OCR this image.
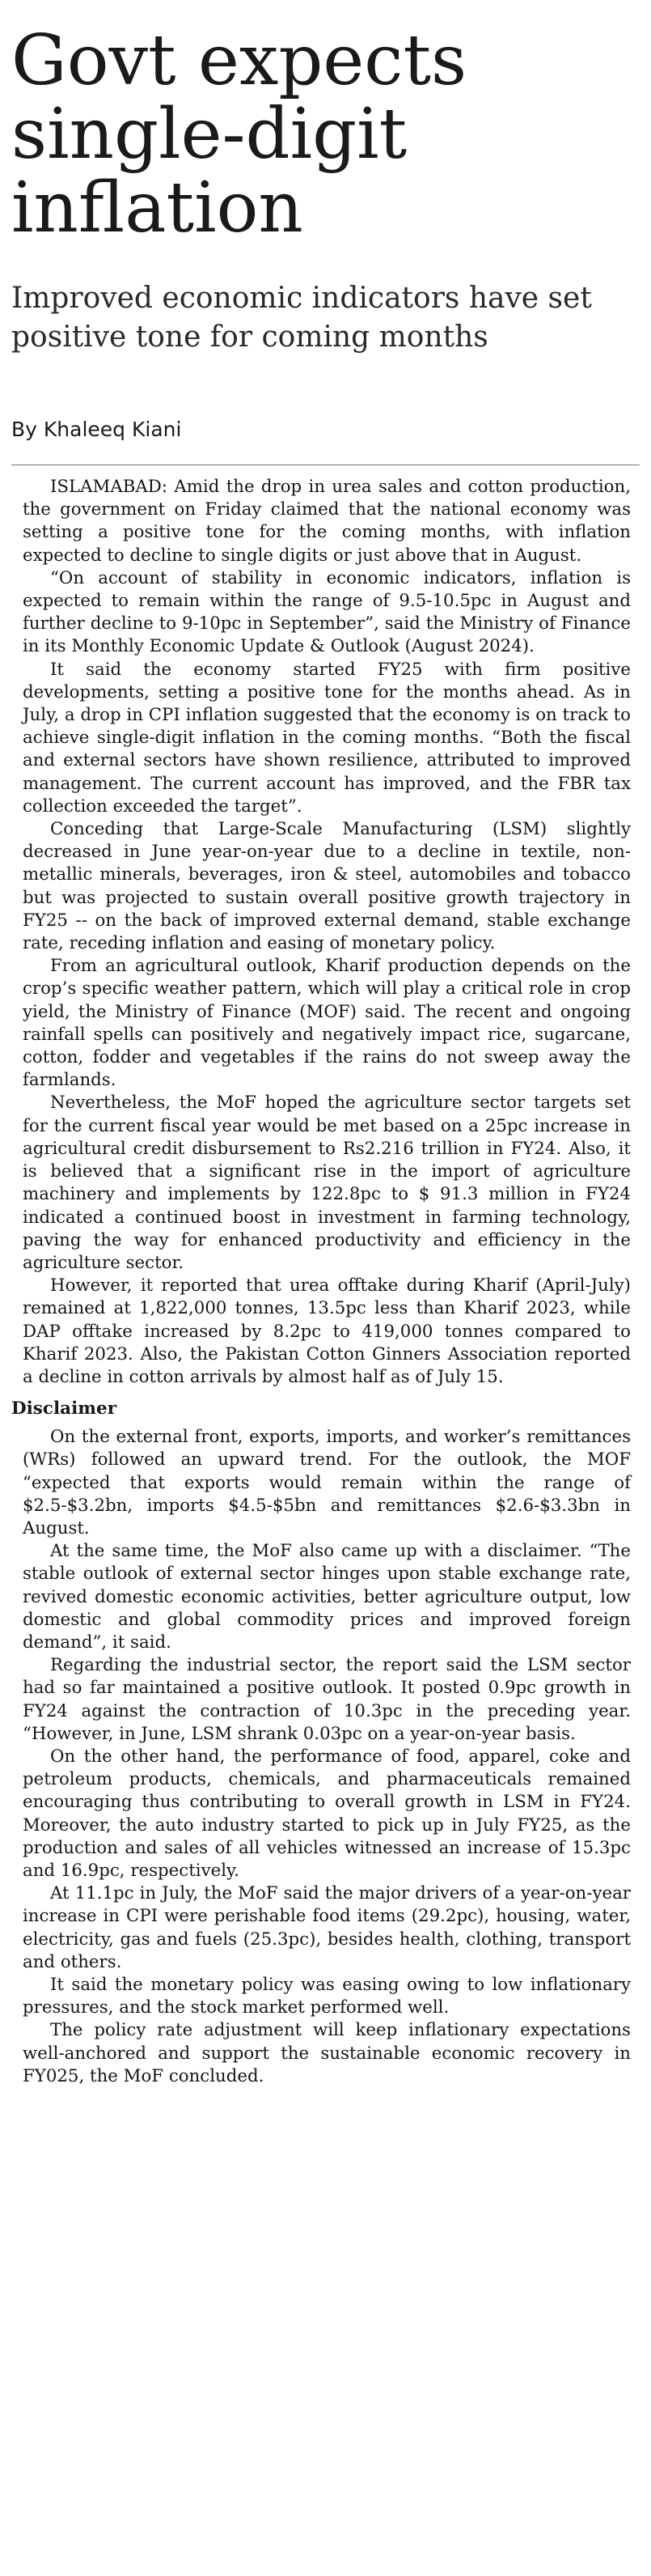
Govt expects single-digit inflation
Improved economic indicators have set positive tone for coming months

By Khaleeq Kiani

ISLAMABAD: Amid the drop in urea sales and cotton production, the government on Friday claimed that the national economy was setting a positive tone for the coming months, with inflation expected to decline to single digits or just above that in August.

“On account of stability in economic indicators, inflation is expected to remain within the range of 9.5-10.5pc in August and further decline to 9-10pc in September”, said the Ministry of Finance in its Monthly Economic Update & Outlook (August 2024).

It said the economy started FY25 with firm positive developments, setting a positive tone for the months ahead. As in July, a drop in CPI inflation suggested that the economy is on track to achieve single-digit inflation in the coming months. “Both the fiscal and external sectors have shown resilience, attributed to improved management. The current account has improved, and the FBR tax collection exceeded the target”.

Conceding that Large-Scale Manufacturing (LSM) slightly decreased in June year-on-year due to a decline in textile, non-metallic minerals, beverages, iron & steel, automobiles and tobacco but was projected to sustain overall positive growth trajectory in FY25 -- on the back of improved external demand, stable exchange rate, receding inflation and easing of monetary policy.

From an agricultural outlook, Kharif production depends on the crop’s specific weather pattern, which will play a critical role in crop yield, the Ministry of Finance (MOF) said. The recent and ongoing rainfall spells can positively and negatively impact rice, sugarcane, cotton, fodder and vegetables if the rains do not sweep away the farmlands.

Nevertheless, the MoF hoped the agriculture sector targets set for the current fiscal year would be met based on a 25pc increase in agricultural credit disbursement to Rs2.216 trillion in FY24. Also, it is believed that a significant rise in the import of agriculture machinery and implements by 122.8pc to $ 91.3 million in FY24 indicated a continued boost in investment in farming technology, paving the way for enhanced productivity and efficiency in the agriculture sector.

However, it reported that urea offtake during Kharif (April-July) remained at 1,822,000 tonnes, 13.5pc less than Kharif 2023, while DAP offtake increased by 8.2pc to 419,000 tonnes compared to Kharif 2023. Also, the Pakistan Cotton Ginners Association reported a decline in cotton arrivals by almost half as of July 15.

Disclaimer

On the external front, exports, imports, and worker’s remittances (WRs) followed an upward trend. For the outlook, the MOF “expected that exports would remain within the range of $2.5-$3.2bn, imports $4.5-$5bn and remittances $2.6-$3.3bn in August.

At the same time, the MoF also came up with a disclaimer. “The stable outlook of external sector hinges upon stable exchange rate, revived domestic economic activities, better agriculture output, low domestic and global commodity prices and improved foreign demand”, it said.

Regarding the industrial sector, the report said the LSM sector had so far maintained a positive outlook. It posted 0.9pc growth in FY24 against the contraction of 10.3pc in the preceding year. “However, in June, LSM shrank 0.03pc on a year-on-year basis.

On the other hand, the performance of food, apparel, coke and petroleum products, chemicals, and pharmaceuticals remained encouraging thus contributing to overall growth in LSM in FY24. Moreover, the auto industry started to pick up in July FY25, as the production and sales of all vehicles witnessed an increase of 15.3pc and 16.9pc, respectively.

At 11.1pc in July, the MoF said the major drivers of a year-on-year increase in CPI were perishable food items (29.2pc), housing, water, electricity, gas and fuels (25.3pc), besides health, clothing, transport and others.

It said the monetary policy was easing owing to low inflationary pressures, and the stock market performed well.

The policy rate adjustment will keep inflationary expectations well-anchored and support the sustainable economic recovery in FY025, the MoF concluded.
